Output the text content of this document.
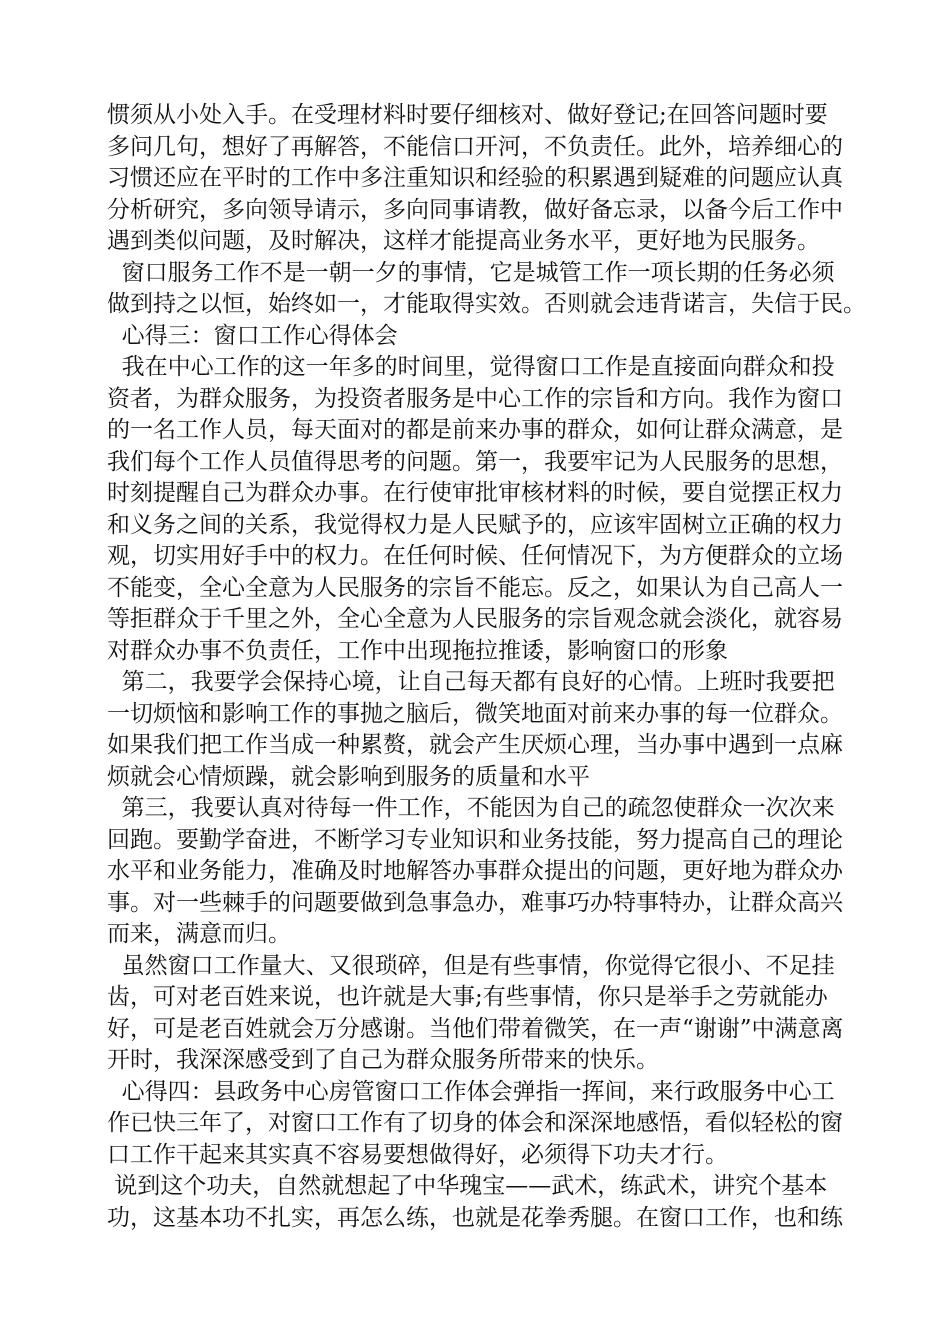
惯须从小处入手。在受理材料时要仔细核对、做好登记;在回答问题时要
多问几句，想好了再解答，不能信口开河，不负责任。此外，培养细心的
习惯还应在平时的工作中多注重知识和经验的积累遇到疑难的问题应认真
分析研究，多向领导请示，多向同事请教，做好备忘录，以备今后工作中
遇到类似问题，及时解决，这样才能提高业务水平，更好地为民服务。
窗口服务工作不是一朝一夕的事情，它是城管工作一项长期的任务必须
做到持之以恒，始终如一，才能取得实效。否则就会违背诺言，失信于民。
心得三：窗口工作心得体会
我在中心工作的这一年多的时间里，觉得窗口工作是直接面向群众和投
资者，为群众服务，为投资者服务是中心工作的宗旨和方向。我作为窗口
的一名工作人员，每天面对的都是前来办事的群众，如何让群众满意，是
我们每个工作人员值得思考的问题。第一，我要牢记为人民服务的思想，
时刻提醒自己为群众办事。在行使审批审核材料的时候，要自觉摆正权力
和义务之间的关系，我觉得权力是人民赋予的，应该牢固树立正确的权力
观，切实用好手中的权力。在任何时候、任何情况下，为方便群众的立场
不能变，全心全意为人民服务的宗旨不能忘。反之，如果认为自己高人一
等拒群众于千里之外，全心全意为人民服务的宗旨观念就会淡化，就容易
对群众办事不负责任，工作中出现拖拉推诿，影响窗口的形象
第二，我要学会保持心境，让自己每天都有良好的心情。上班时我要把
一切烦恼和影响工作的事抛之脑后，微笑地面对前来办事的每一位群众。
如果我们把工作当成一种累赘，就会产生厌烦心理，当办事中遇到一点麻
烦就会心情烦躁，就会影响到服务的质量和水平
第三，我要认真对待每一件工作，不能因为自己的疏忽使群众一次次来
回跑。要勤学奋进，不断学习专业知识和业务技能，努力提高自己的理论
水平和业务能力，准确及时地解答办事群众提出的问题，更好地为群众办
事。对一些棘手的问题要做到急事急办，难事巧办特事特办，让群众高兴
而来，满意而归。
虽然窗口工作量大、又很琐碎，但是有些事情，你觉得它很小、不足挂
齿，可对老百姓来说，也许就是大事;有些事情，你只是举手之劳就能办
好，可是老百姓就会万分感谢。当他们带着微笑，在一声“谢谢”中满意离
开时，我深深感受到了自己为群众服务所带来的快乐。
心得四：县政务中心房管窗口工作体会弹指一挥间，来行政服务中心工
作已快三年了，对窗口工作有了切身的体会和深深地感悟，看似轻松的窗
口工作干起来其实真不容易要想做得好，必须得下功夫才行。
说到这个功夫，自然就想起了中华瑰宝——武术，练武术，讲究个基本
功，这基本功不扎实，再怎么练，也就是花拳秀腿。在窗口工作，也和练
